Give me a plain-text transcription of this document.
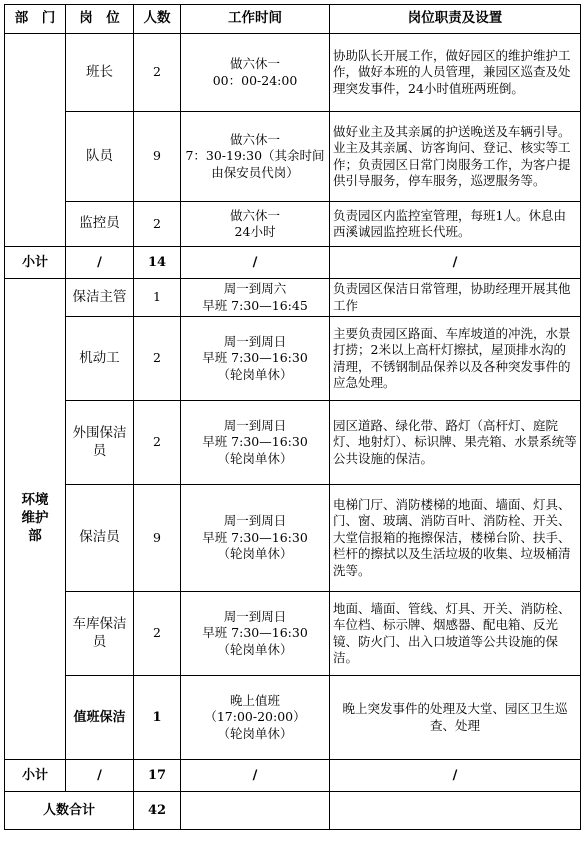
部　门	岗　位	人数	工作时间	岗位职责及设置
	班长	2	做六休一
00：00-24:00	协助队长开展工作，做好园区的维护维护工作，做好本班的人员管理，兼园区巡查及处理突发事件，24小时值班两班倒。
	队员	9	做六休一
7：30-19:30（其余时间由保安员代岗）	做好业主及其亲属的护送晚送及车辆引导。业主及其亲属、访客询问、登记、核实等工作；负责园区日常门岗服务工作，为客户提供引导服务，停车服务，巡逻服务等。
	监控员	2	做六休一
24小时	负责园区内监控室管理，每班1人。休息由西溪诚园监控班长代班。
小计	/	14	/	/
环境维护部	保洁主管	1	周一到周六
早班 7:30—16:45	负责园区保洁日常管理，协助经理开展其他工作
	机动工	2	周一到周日
早班 7:30—16:30
（轮岗单休）	主要负责园区路面、车库坡道的冲洗，水景打捞；2米以上高杆灯擦拭，屋顶排水沟的清理，不锈钢制品保养以及各种突发事件的应急处理。
	外围保洁员	2	周一到周日
早班 7:30—16:30
（轮岗单休）	园区道路、绿化带、路灯（高杆灯、庭院灯、地射灯）、标识牌、果壳箱、水景系统等公共设施的保洁。
	保洁员	9	周一到周日
早班 7:30—16:30
（轮岗单休）	电梯门厅、消防楼梯的地面、墙面、灯具、门、窗、玻璃、消防百叶、消防栓、开关、大堂信报箱的拖擦保洁，楼梯台阶、扶手、栏杆的擦拭以及生活垃圾的收集、垃圾桶清洗等。
	车库保洁员	2	周一到周日
早班 7:30—16:30
（轮岗单休）	地面、墙面、管线、灯具、开关、消防栓、车位档、标示牌、烟感器、配电箱、反光镜、防火门、出入口坡道等公共设施的保洁。
	值班保洁	1	晚上值班
（17:00-20:00）
（轮岗单休）	晚上突发事件的处理及大堂、园区卫生巡查、处理
小计	/	17	/	/
人数合计		42		
